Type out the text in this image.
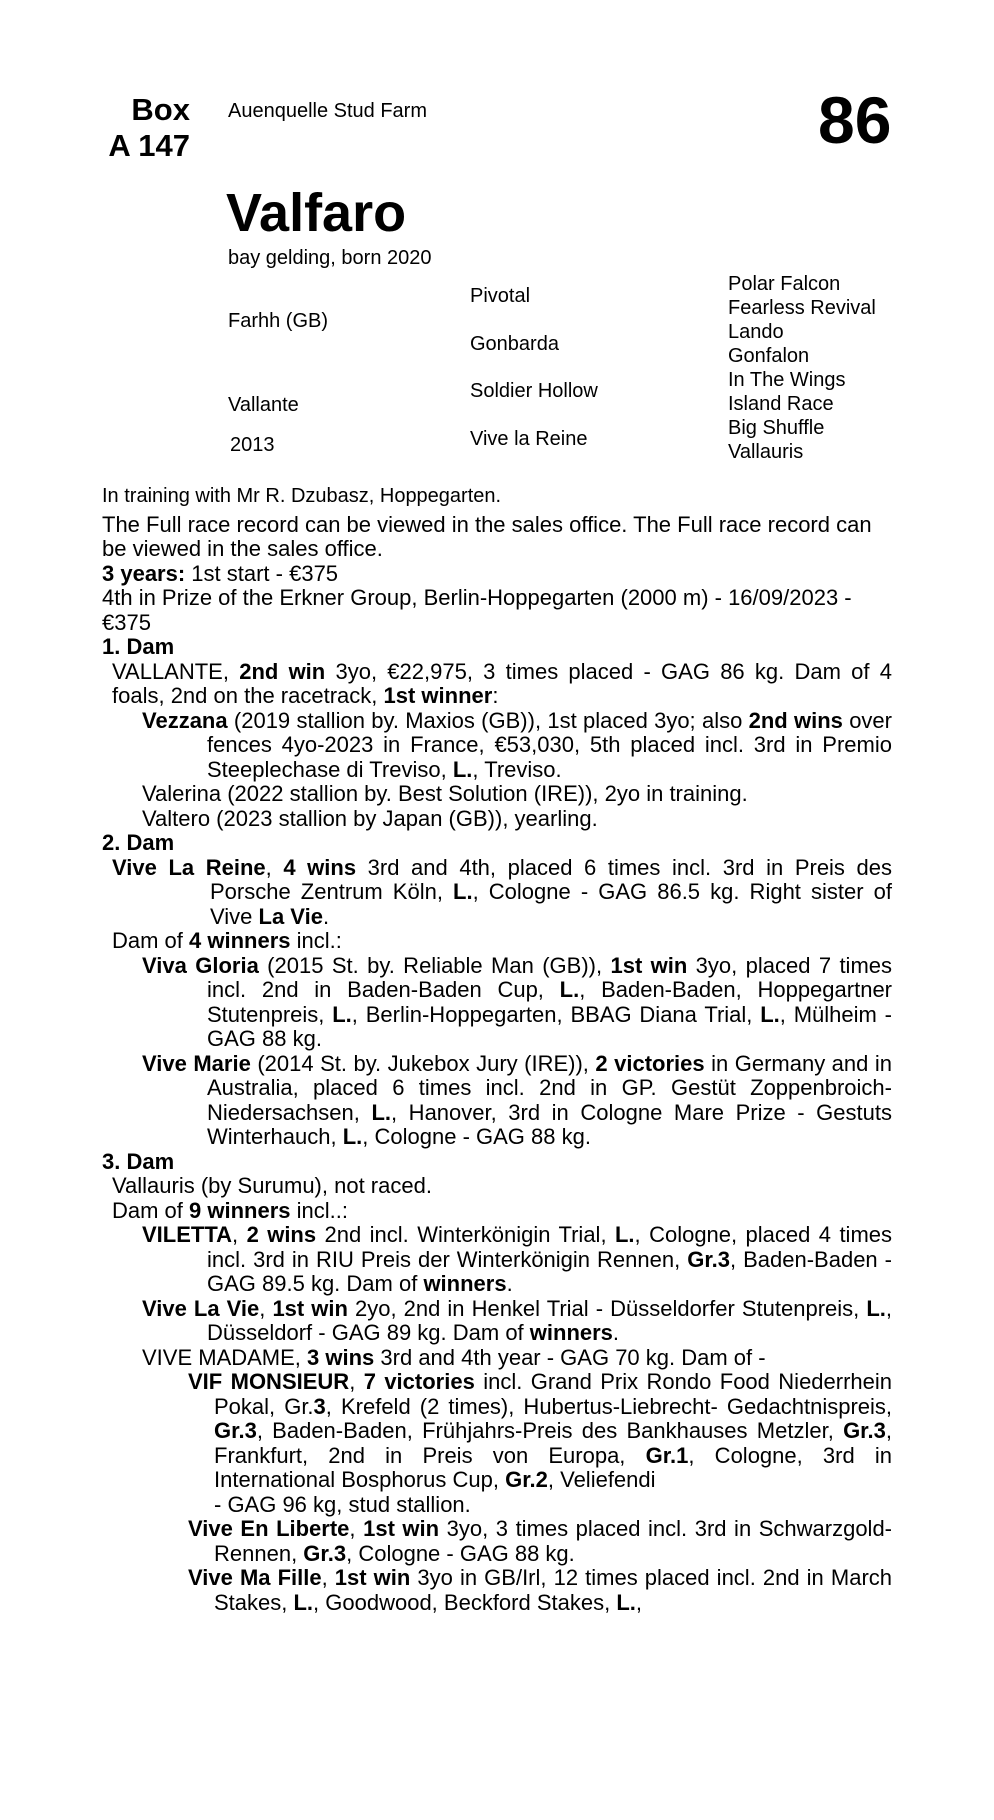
Box
A 147
Auenquelle Stud Farm	86
Valfaro
bay gelding, born 2020
Farhh (GB)
Vallante
2013
Pivotal
Gonbarda
Soldier Hollow
Vive la Reine
Polar Falcon
Fearless Revival
Lando
Gonfalon
In The Wings
Island Race
Big Shuffle
Vallauris

In training with Mr R. Dzubasz, Hoppegarten.

The Full race record can be viewed in the sales office. The Full race record can be viewed in the sales office.

3 years: 1st start - €375

4th in Prize of the Erkner Group, Berlin-Hoppegarten (2000 m) - 16/09/2023 - €375

1. Dam

VALLANTE, 2nd win 3yo, €22,975, 3 times placed - GAG 86 kg. Dam of 4 foals, 2nd on the racetrack, 1st winner:

Vezzana (2019 stallion by. Maxios (GB)), 1st placed 3yo; also 2nd wins over fences 4yo-2023 in France, €53,030, 5th placed incl. 3rd in Premio Steeplechase di Treviso, L., Treviso.

Valerina (2022 stallion by. Best Solution (IRE)), 2yo in training.

Valtero (2023 stallion by Japan (GB)), yearling.

2. Dam

Vive La Reine, 4 wins 3rd and 4th, placed 6 times incl. 3rd in Preis des Porsche Zentrum Köln, L., Cologne - GAG 86.5 kg. Right sister of Vive La Vie.

Dam of 4 winners incl.:

Viva Gloria (2015 St. by. Reliable Man (GB)), 1st win 3yo, placed 7 times incl. 2nd in Baden-Baden Cup, L., Baden-Baden, Hoppegartner Stutenpreis, L., Berlin-Hoppegarten, BBAG Diana Trial, L., Mülheim - GAG 88 kg.

Vive Marie (2014 St. by. Jukebox Jury (IRE)), 2 victories in Germany and in Australia, placed 6 times incl. 2nd in GP. Gestüt Zoppenbroich-Niedersachsen, L., Hanover, 3rd in Cologne Mare Prize - Gestuts Winterhauch, L., Cologne - GAG 88 kg.

3. Dam

Vallauris (by Surumu), not raced.

Dam of 9 winners incl..:

VILETTA, 2 wins 2nd incl. Winterkönigin Trial, L., Cologne, placed 4 times incl. 3rd in RIU Preis der Winterkönigin Rennen, Gr.3, Baden-Baden - GAG 89.5 kg. Dam of winners.

Vive La Vie, 1st win 2yo, 2nd in Henkel Trial - Düsseldorfer Stutenpreis, L., Düsseldorf - GAG 89 kg. Dam of winners.

VIVE MADAME, 3 wins 3rd and 4th year - GAG 70 kg. Dam of -

VIF MONSIEUR, 7 victories incl. Grand Prix Rondo Food Niederrhein Pokal, Gr.3, Krefeld (2 times), Hubertus-Liebrecht- Gedachtnispreis, Gr.3, Baden-Baden, Frühjahrs-Preis des Bankhauses Metzler, Gr.3, Frankfurt, 2nd in Preis von Europa, Gr.1, Cologne, 3rd in International Bosphorus Cup, Gr.2, Veliefendi

- GAG 96 kg, stud stallion.

Vive En Liberte, 1st win 3yo, 3 times placed incl. 3rd in Schwarzgold-Rennen, Gr.3, Cologne - GAG 88 kg.

Vive Ma Fille, 1st win 3yo in GB/Irl, 12 times placed incl. 2nd in March Stakes, L., Goodwood, Beckford Stakes, L.,
